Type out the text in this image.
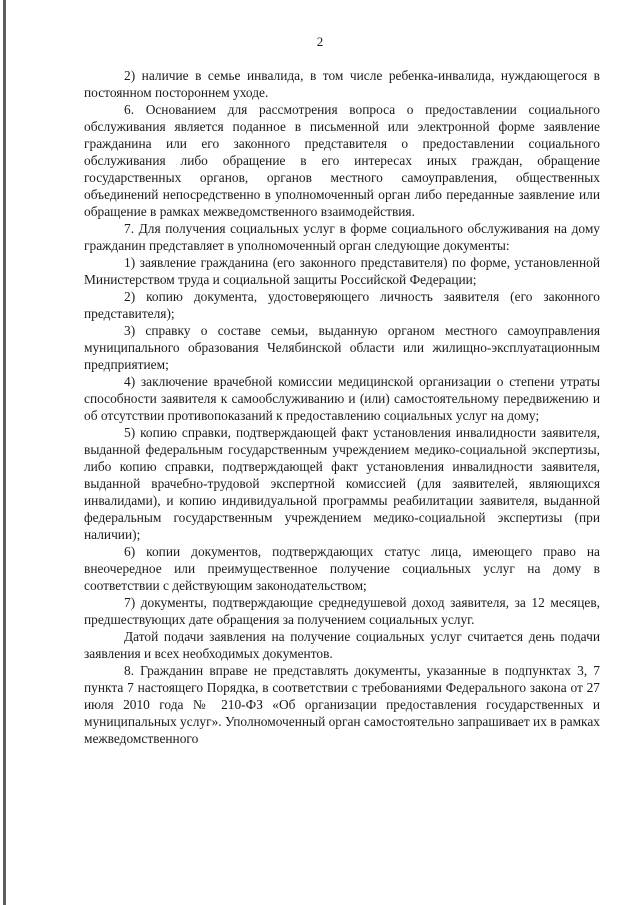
2

2) наличие в семье инвалида, в том числе ребенка-инвалида, нуждающегося в постоянном постороннем уходе.

6. Основанием для рассмотрения вопроса о предоставлении социального обслуживания является поданное в письменной или электронной форме заявление гражданина или его законного представителя о предоставлении социального обслуживания либо обращение в его интересах иных граждан, обращение государственных органов, органов местного самоуправления, общественных объединений непосредственно в уполномоченный орган либо переданные заявление или обращение в рамках межведомственного взаимодействия.

7. Для получения социальных услуг в форме социального обслуживания на дому гражданин представляет в уполномоченный орган следующие документы:

1) заявление гражданина (его законного представителя) по форме, установленной Министерством труда и социальной защиты Российской Федерации;

2) копию документа, удостоверяющего личность заявителя (его законного представителя);

3) справку о составе семьи, выданную органом местного самоуправления муниципального образования Челябинской области или жилищно-эксплуатационным предприятием;

4) заключение врачебной комиссии медицинской организации о степени утраты способности заявителя к самообслуживанию и (или) самостоятельному передвижению и об отсутствии противопоказаний к предоставлению социальных услуг на дому;

5) копию справки, подтверждающей факт установления инвалидности заявителя, выданной федеральным государственным учреждением медико-социальной экспертизы, либо копию справки, подтверждающей факт установления инвалидности заявителя, выданной врачебно-трудовой экспертной комиссией (для заявителей, являющихся инвалидами), и копию индивидуальной программы реабилитации заявителя, выданной федеральным государственным учреждением медико-социальной экспертизы (при наличии);

6) копии документов, подтверждающих статус лица, имеющего право на внеочередное или преимущественное получение социальных услуг на дому в соответствии с действующим законодательством;

7) документы, подтверждающие среднедушевой доход заявителя, за 12 месяцев, предшествующих дате обращения за получением социальных услуг.

Датой подачи заявления на получение социальных услуг считается день подачи заявления и всех необходимых документов.

8. Гражданин вправе не представлять документы, указанные в подпунктах 3, 7 пункта 7 настоящего Порядка, в соответствии с требованиями Федерального закона от 27 июля 2010 года № 210-ФЗ «Об организации предоставления государственных и муниципальных услуг». Уполномоченный орган самостоятельно запрашивает их в рамках межведомственного
